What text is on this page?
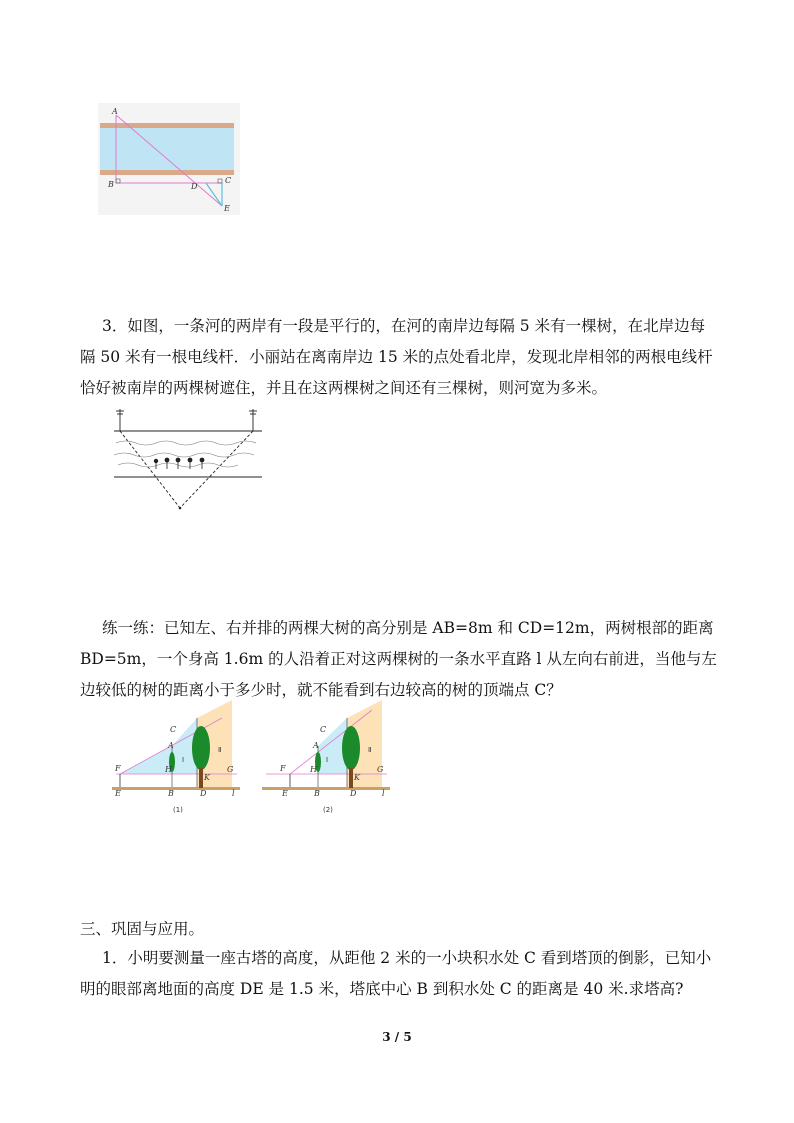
A
B	D
C
E

3．如图，一条河的两岸有一段是平行的，在河的南岸边每隔 5 米有一棵树，在北岸边每隔 50 米有一根电线杆．小丽站在离南岸边 15 米的点处看北岸，发现北岸相邻的两根电线杆恰好被南岸的两棵树遮住，并且在这两棵树之间还有三棵树，则河宽为多米。

练一练：已知左、右并排的两棵大树的高分别是 AB=8m 和 CD=12m，两树根部的距离 BD=5m，一个身高 1.6m 的人沿着正对这两棵树的一条水平直路 l 从左向右前进，当他与左边较低的树的距离小于多少时，就不能看到右边较高的树的顶端点 C？

C
A
F	H
K
G
E	B	D	l
Ⅰ
Ⅱ
(1)
C
A
F	H
K
G
E	B	D	l
Ⅰ
Ⅱ
(2)
三、巩固与应用。

1．小明要测量一座古塔的高度，从距他 2 米的一小块积水处 C 看到塔顶的倒影，已知小明的眼部离地面的高度 DE 是 1.5 米，塔底中心 B 到积水处 C 的距离是 40 米.求塔高?

3 / 5
